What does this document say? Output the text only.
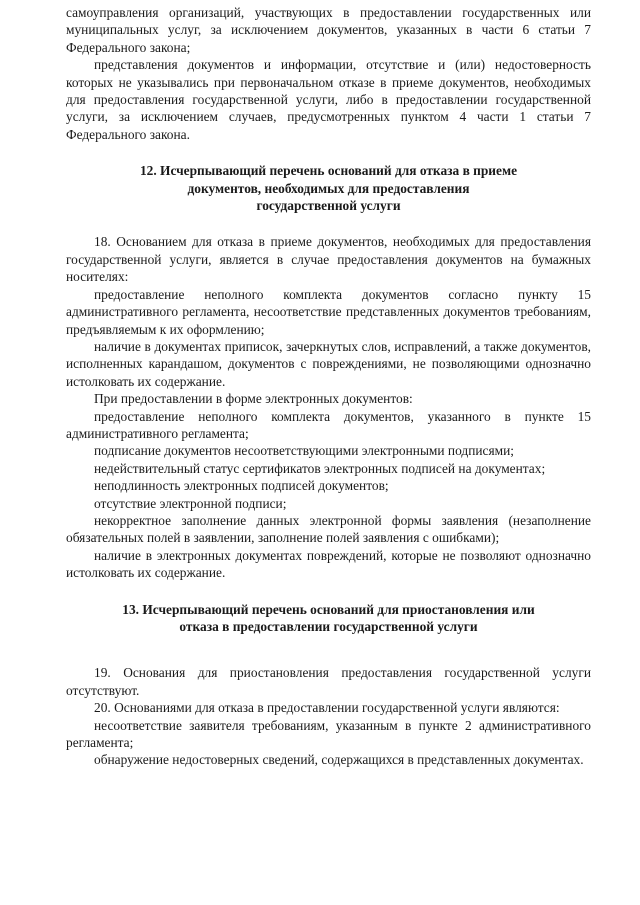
самоуправления организаций, участвующих в предоставлении государственных или муниципальных услуг, за исключением документов, указанных в части 6 статьи 7 Федерального закона;

представления документов и информации, отсутствие и (или) недостоверность которых не указывались при первоначальном отказе в приеме документов, необходимых для предоставления государственной услуги, либо в предоставлении государственной услуги, за исключением случаев, предусмотренных пунктом 4 части 1 статьи 7 Федерального закона.

12. Исчерпывающий перечень оснований для отказа в приеме
документов, необходимых для предоставления
государственной услуги

18. Основанием для отказа в приеме документов, необходимых для предоставления государственной услуги, является в случае предоставления документов на бумажных носителях:

предоставление неполного комплекта документов согласно пункту 15 административного регламента, несоответствие представленных документов требованиям, предъявляемым к их оформлению;

наличие в документах приписок, зачеркнутых слов, исправлений, а также документов, исполненных карандашом, документов с повреждениями, не позволяющими однозначно истолковать их содержание.

При предоставлении в форме электронных документов:

предоставление неполного комплекта документов, указанного в пункте 15 административного регламента;

подписание документов несоответствующими электронными подписями;

недействительный статус сертификатов электронных подписей на документах;

неподлинность электронных подписей документов;

отсутствие электронной подписи;

некорректное заполнение данных электронной формы заявления (незаполнение обязательных полей в заявлении, заполнение полей заявления с ошибками);

наличие в электронных документах повреждений, которые не позволяют однозначно истолковать их содержание.

13. Исчерпывающий перечень оснований для приостановления или
отказа в предоставлении государственной услуги

19. Основания для приостановления предоставления государственной услуги отсутствуют.

20. Основаниями для отказа в предоставлении государственной услуги являются:

несоответствие заявителя требованиям, указанным в пункте 2 административного регламента;

обнаружение недостоверных сведений, содержащихся в представленных документах.
